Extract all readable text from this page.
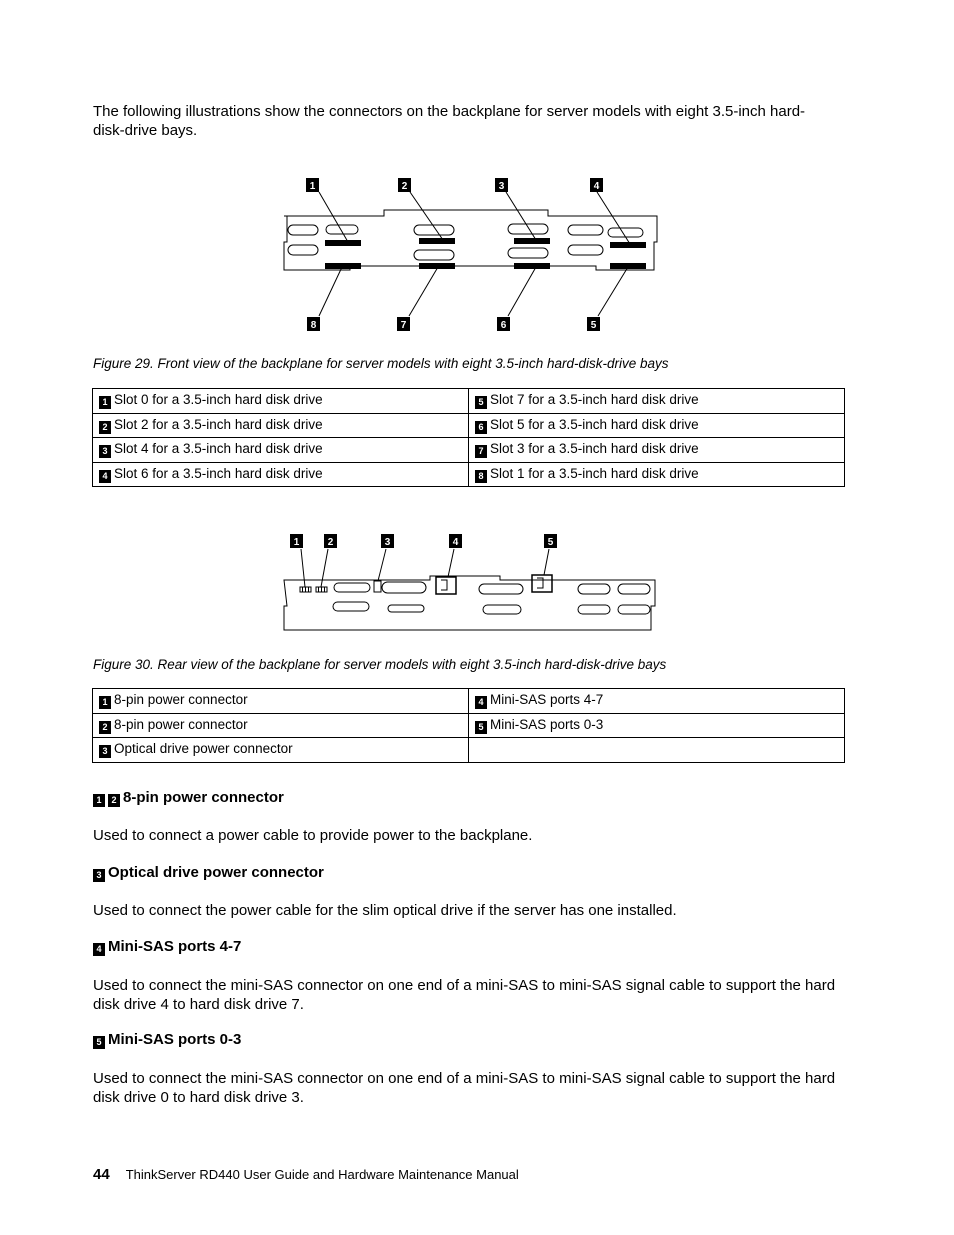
The following illustrations show the connectors on the backplane for server models with eight 3.5-inch hard-disk-drive bays.
1	2	3	4
8	7	6	5
Figure 29. Front view of the backplane for server models with eight 3.5-inch hard-disk-drive bays
1 Slot 0 for a 3.5-inch hard disk drive	5 Slot 7 for a 3.5-inch hard disk drive
2 Slot 2 for a 3.5-inch hard disk drive	6 Slot 5 for a 3.5-inch hard disk drive
3 Slot 4 for a 3.5-inch hard disk drive	7 Slot 3 for a 3.5-inch hard disk drive
4 Slot 6 for a 3.5-inch hard disk drive	8 Slot 1 for a 3.5-inch hard disk drive
1	2	3	4	5
Figure 30. Rear view of the backplane for server models with eight 3.5-inch hard-disk-drive bays
1 8-pin power connector	4 Mini-SAS ports 4-7
2 8-pin power connector	5 Mini-SAS ports 0-3
3 Optical drive power connector	
1 2 8-pin power connector
Used to connect a power cable to provide power to the backplane.
3 Optical drive power connector
Used to connect the power cable for the slim optical drive if the server has one installed.
4 Mini-SAS ports 4-7
Used to connect the mini-SAS connector on one end of a mini-SAS to mini-SAS signal cable to support the hard disk drive 4 to hard disk drive 7.
5 Mini-SAS ports 0-3
Used to connect the mini-SAS connector on one end of a mini-SAS to mini-SAS signal cable to support the hard disk drive 0 to hard disk drive 3.
44 ThinkServer RD440 User Guide and Hardware Maintenance Manual
